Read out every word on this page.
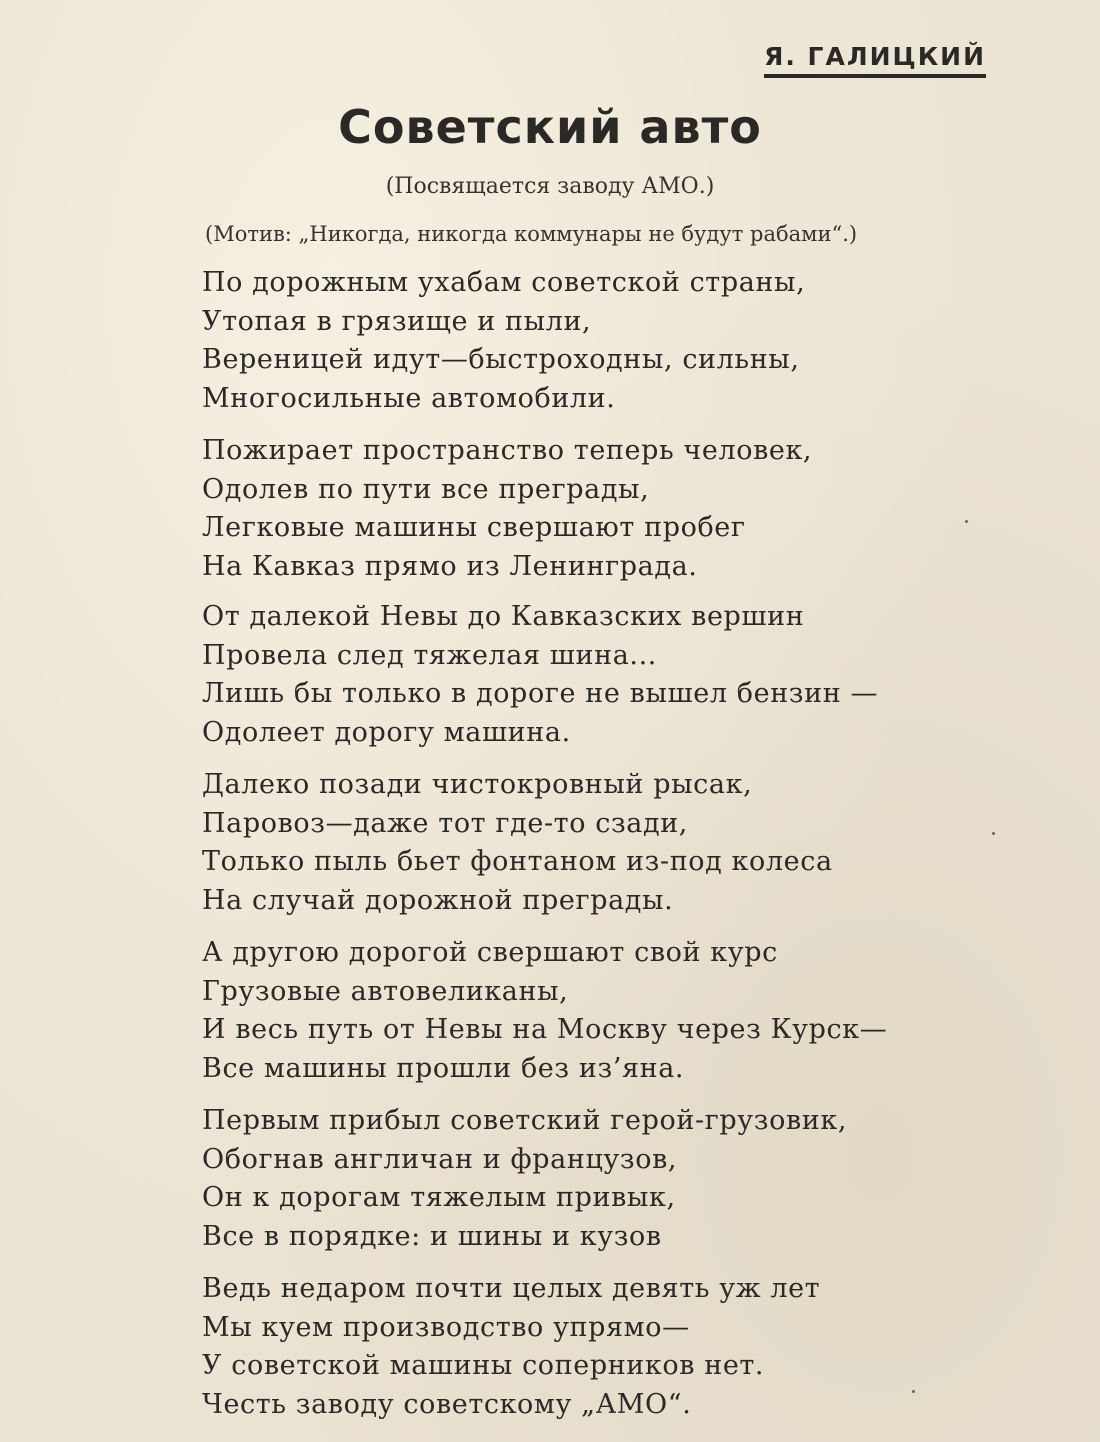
Я. ГАЛИЦКИЙ
Советский авто
(Посвящается заводу АМО.)
(Мотив: „Никогда, никогда коммунары не будут рабами“.)
По дорожным ухабам советской страны,
Утопая в грязище и пыли,
Вереницей идут—быстроходны, сильны,
Многосильные автомобили.
Пожирает пространство теперь человек,
Одолев по пути все преграды,
Легковые машины свершают пробег
На Кавказ прямо из Ленинграда.
От далекой Невы до Кавказских вершин
Провела след тяжелая шина...
Лишь бы только в дороге не вышел бензин —
Одолеет дорогу машина.
Далеко позади чистокровный рысак,
Паровоз—даже тот где-то сзади,
Только пыль бьет фонтаном из-под колеса
На случай дорожной преграды.
А другою дорогой свершают свой курс
Грузовые автовеликаны,
И весь путь от Невы на Москву через Курск—
Все машины прошли без из’яна.
Первым прибыл советский герой-грузовик,
Обогнав англичан и французов,
Он к дорогам тяжелым привык,
Все в порядке: и шины и кузов
Ведь недаром почти целых девять уж лет
Мы куем производство упрямо—
У советской машины соперников нет.
Честь заводу советскому „АМО“.
